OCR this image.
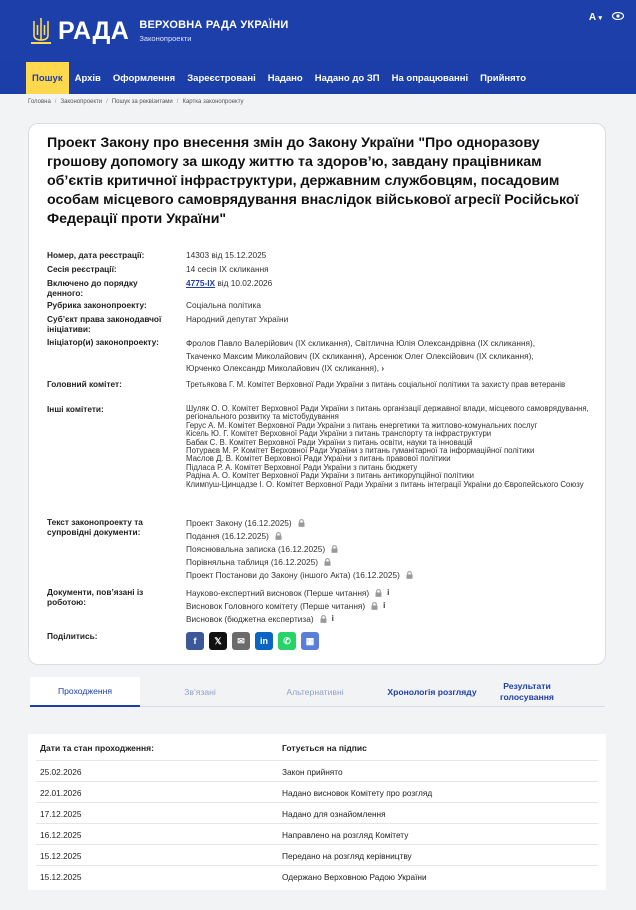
РАДА ВЕРХОВНА РАДА УКРАЇНИ
Законопроекти
A ▾
Пошук	Архів	Оформлення	Зареєстровані	Надано	Надано до ЗП	На опрацюванні	Прийнято
Головна / Законопроекти / Пошук за реквізитами / Картка законопроекту
Проект Закону про внесення змін до Закону України "Про одноразову грошову допомогу за шкоду життю та здоров’ю, завдану працівникам об’єктів критичної інфраструктури, державним службовцям, посадовим особам місцевого самоврядування внаслідок військової агресії Російської Федерації проти України"
Номер, дата реєстрації:	14303 від 15.12.2025
Сесія реєстрації:	14 сесія IX скликання
Включено до порядку денного:
4775-IX від 10.02.2026
Рубрика законопроекту:	Соціальна політика
Суб’єкт права законодавчої ініціативи:
Народний депутат України
Ініціатор(и) законопроекту:	Фролов Павло Валерійович (IX скликання), Світлична Юлія Олександрівна (IX скликання),
Ткаченко Максим Миколайович (IX скликання), Арсенюк Олег Олексійович (IX скликання),
Юрченко Олександр Миколайович (IX скликання), ›
Головний комітет:	Третьякова Г. М. Комітет Верховної Ради України з питань соціальної політики та захисту прав ветеранів
Інші комітети:	Шуляк О. О. Комітет Верховної Ради України з питань організації державної влади, місцевого самоврядування, регіонального розвитку та містобудування
Герус А. М. Комітет Верховної Ради України з питань енергетики та житлово-комунальних послуг
Кісель Ю. Г. Комітет Верховної Ради України з питань транспорту та інфраструктури
Бабак С. В. Комітет Верховної Ради України з питань освіти, науки та інновацій
Потураєв М. Р. Комітет Верховної Ради України з питань гуманітарної та інформаційної політики
Маслов Д. В. Комітет Верховної Ради України з питань правової політики
Підласа Р. А. Комітет Верховної Ради України з питань бюджету
Радіна А. О. Комітет Верховної Ради України з питань антикорупційної політики
Климпуш-Цинцадзе І. О. Комітет Верховної Ради України з питань інтеграції України до Європейського Союзу
Текст законопроекту та супровідні документи:
Проект Закону (16.12.2025)
Подання (16.12.2025)
Пояснювальна записка (16.12.2025)
Порівняльна таблиця (16.12.2025)
Проект Постанови до Закону (іншого Акта) (16.12.2025)
Документи, пов’язані із роботою:
Науково-експертний висновок (Перше читання) i
Висновок Головного комітету (Перше читання) i
Висновок (бюджетна експертиза) i
Поділитись:	f	𝕏	✉	in	✆	▦
Проходження	Зв’язані	Альтернативні	Хронологія розгляду
Результати голосування
Дати та стан проходження:	Готується на підпис
25.02.2026	Закон прийнято
22.01.2026	Надано висновок Комітету про розгляд
17.12.2025	Надано для ознайомлення
16.12.2025	Направлено на розгляд Комітету
15.12.2025	Передано на розгляд керівництву
15.12.2025	Одержано Верховною Радою України
